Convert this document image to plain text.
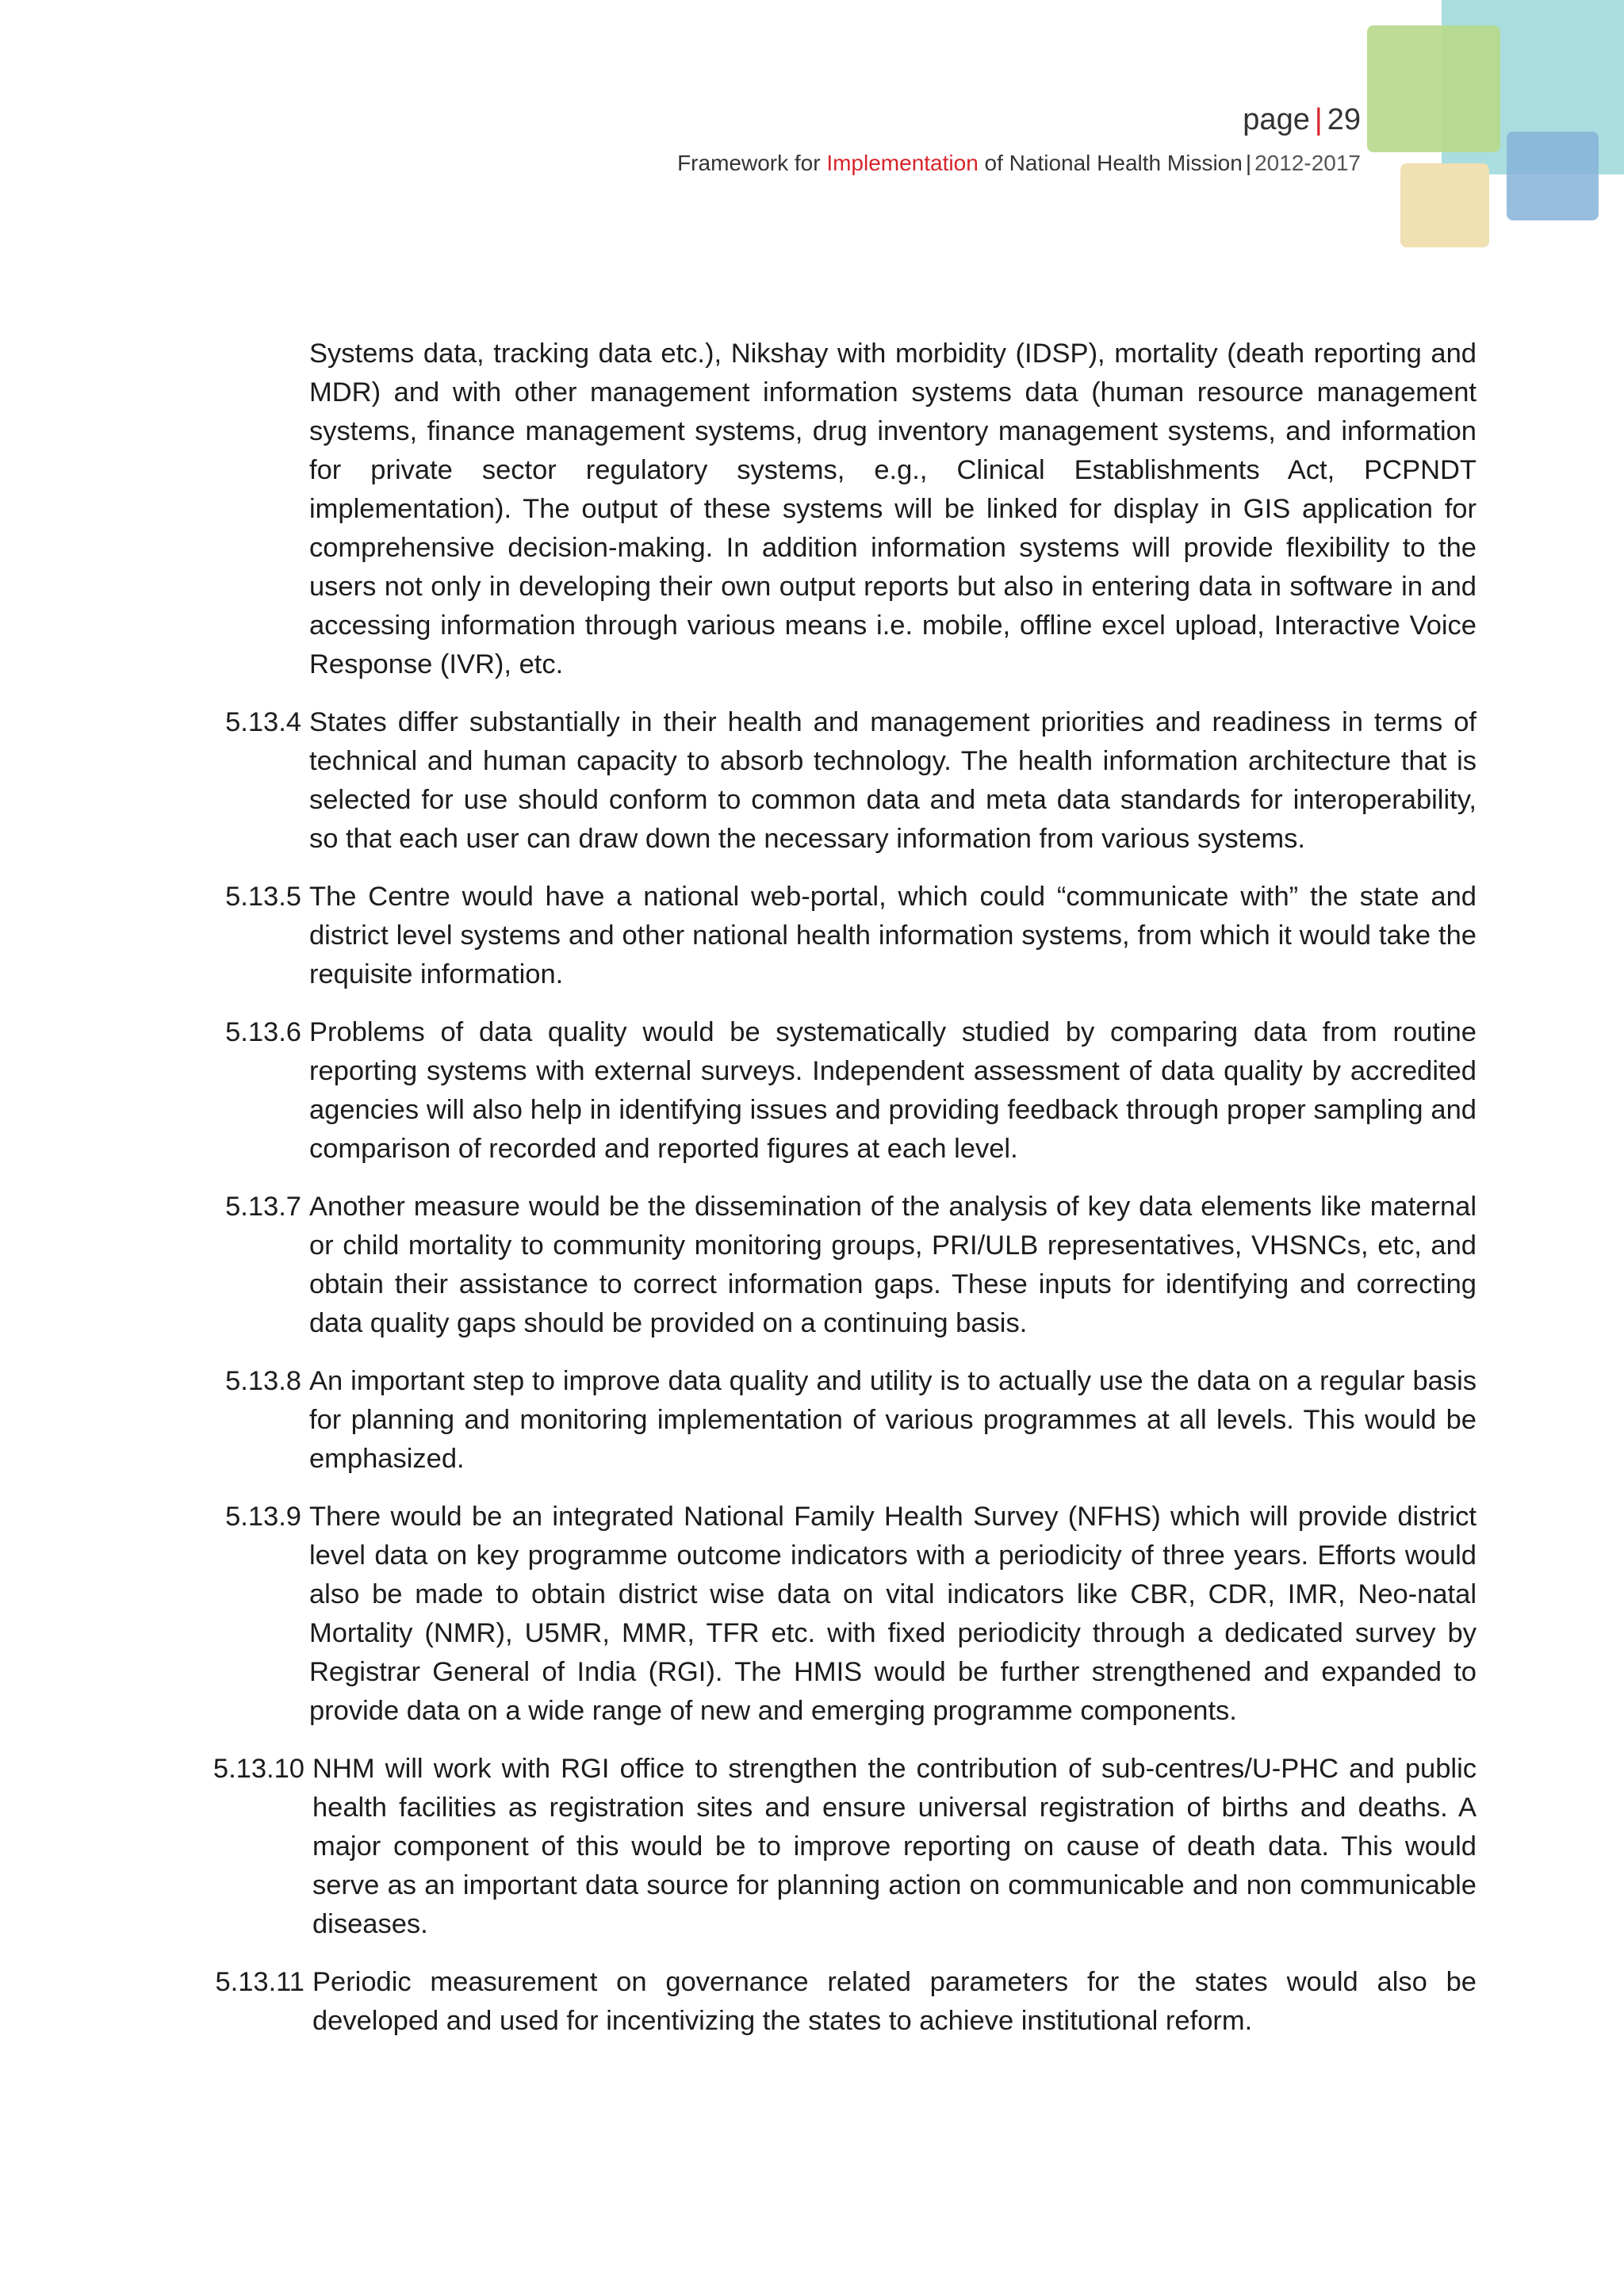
page | 29
Framework for Implementation of National Health Mission | 2012-2017
Systems data, tracking data etc.), Nikshay with morbidity (IDSP), mortality (death reporting and MDR) and with other management information systems data (human resource management systems, finance management systems, drug inventory management systems, and information for private sector regulatory systems, e.g., Clinical Establishments Act, PCPNDT implementation). The output of these systems will be linked for display in GIS application for comprehensive decision-making. In addition information systems will provide flexibility to the users not only in developing their own output reports but also in entering data in software in and accessing information through various means i.e. mobile, offline excel upload, Interactive Voice Response (IVR), etc.
5.13.4 States differ substantially in their health and management priorities and readiness in terms of technical and human capacity to absorb technology. The health information architecture that is selected for use should conform to common data and meta data standards for interoperability, so that each user can draw down the necessary information from various systems.
5.13.5 The Centre would have a national web-portal, which could “communicate with” the state and district level systems and other national health information systems, from which it would take the requisite information.
5.13.6 Problems of data quality would be systematically studied by comparing data from routine reporting systems with external surveys. Independent assessment of data quality by accredited agencies will also help in identifying issues and providing feedback through proper sampling and comparison of recorded and reported figures at each level.
5.13.7 Another measure would be the dissemination of the analysis of key data elements like maternal or child mortality to community monitoring groups, PRI/ULB representatives, VHSNCs, etc, and obtain their assistance to correct information gaps. These inputs for identifying and correcting data quality gaps should be provided on a continuing basis.
5.13.8 An important step to improve data quality and utility is to actually use the data on a regular basis for planning and monitoring implementation of various programmes at all levels. This would be emphasized.
5.13.9 There would be an integrated National Family Health Survey (NFHS) which will provide district level data on key programme outcome indicators with a periodicity of three years. Efforts would also be made to obtain district wise data on vital indicators like CBR, CDR, IMR, Neo-natal Mortality (NMR), U5MR, MMR, TFR etc. with fixed periodicity through a dedicated survey by Registrar General of India (RGI). The HMIS would be further strengthened and expanded to provide data on a wide range of new and emerging programme components.
5.13.10 NHM will work with RGI office to strengthen the contribution of sub-centres/U-PHC and public health facilities as registration sites and ensure universal registration of births and deaths. A major component of this would be to improve reporting on cause of death data. This would serve as an important data source for planning action on communicable and non communicable diseases.
5.13.11 Periodic measurement on governance related parameters for the states would also be developed and used for incentivizing the states to achieve institutional reform.
